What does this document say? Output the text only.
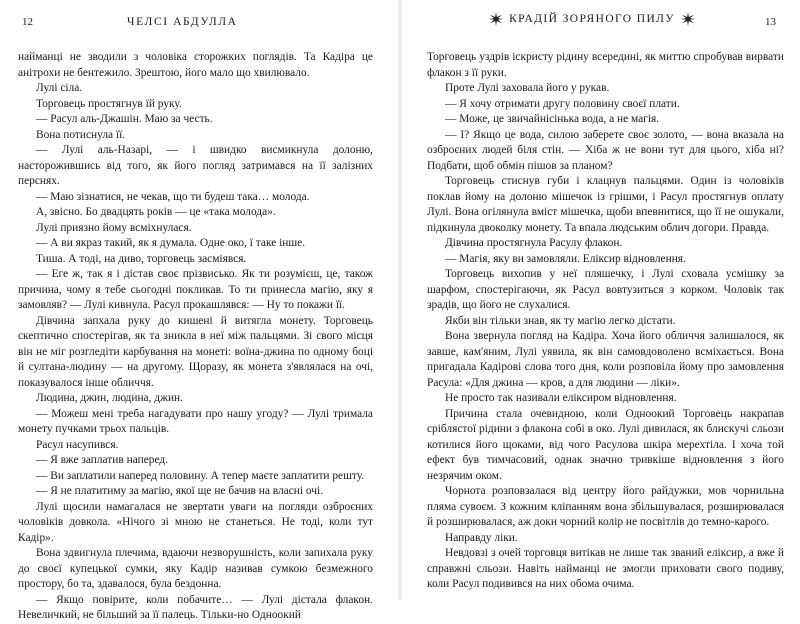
12	ЧЕЛСІ АБДУЛЛА

найманці не зводили з чоловіка сторожких поглядів. Та Кадіра це анітрохи не бентежило. Зрештою, його мало що хвилювало.

Лулі сіла.

Торговець простягнув їй руку.

— Расул аль-Джашін. Маю за честь.

Вона потиснула її.

— Лулі аль-Назарі, — і швидко висмикнула долоню, насторожившись від того, як його погляд затримався на її залізних перснях.

— Маю зізнатися, не чекав, що ти будеш така… молода.

А, звісно. Бо двадцять років — це «така молода».

Лулі приязно йому всміхнулася.

— А ви якраз такий, як я думала. Одне око, ї таке інше.

Тиша. А тоді, на диво, торговець засміявся.

— Еге ж, так я і дістав своє прізвисько. Як ти розумієш, це, також причина, чому я тебе сьогодні покликав. То ти принесла магію, яку я замовляв? — Лулі кивнула. Расул прокашлявся: — Ну то покажи її.

Дівчина запхала руку до кишені й витягла монету. Торговець скептично спостерігав, як та зникла в неї між пальцями. Зі свого місця він не міг розгледіти карбування на монеті: воїна-джина по одному боці й султана-людину — на другому. Щоразу, як монета з'являлася на очі, показувалося інше обличчя.

Людина, джин, людина, джин.

— Можеш мені треба нагадувати про нашу угоду? — Лулі тримала монету пучками трьох пальців.

Расул насупився.

— Я вже заплатив наперед.

— Ви заплатили наперед половину. А тепер маєте заплатити решту.

— Я не платитиму за магію, якої ще не бачив на власні очі.

Лулі щосили намагалася не звертати уваги на погляди озброєних чоловіків довкола. «Нічого зі мною не станеться. Не тоді, коли тут Кадір».

Вона здвигнула плечима, вдаючи незворушність, коли запихала руку до своєї купецької сумки, яку Кадір називав сумкою безмежного простору, бо та, здавалося, була бездонна.

— Якщо повірите, коли побачите… — Лулі дістала флакон. Невеличкий, не більший за її палець. Тільки-но Одноокий

КРАДІЙ ЗОРЯНОГО ПИЛУ	13

Торговець уздрів іскристу рідину всередині, як миттю спробував вирвати флакон з її руки.

Проте Лулі заховала його у рукав.

— Я хочу отримати другу половину своєї плати.

— Може, це звичайнісінька вода, а не магія.

— І? Якщо це вода, силою заберете своє золото, — вона вказала на озброєних людей біля стін. — Хіба ж не вони тут для цього, хіба ні? Подбати, щоб обмін пішов за планом?

Торговець стиснув губи і клацнув пальцями. Один із чоловіків поклав йому на долоню мішечок із грішми, і Расул простягнув оплату Лулі. Вона огілянула вміст мішечка, щоби впевнитися, що її не ошукали, підкинула двоколку монету. Та впала людським облич догори. Правда.

Дівчина простягнула Расулу флакон.

— Магія, яку ви замовляли. Еліксир відновлення.

Торговець вихопив у неї пляшечку, і Лулі сховала усмішку за шарфом, спостерігаючи, як Расул вовтузиться з корком. Чоловік так зрадів, що його не слухалися.

Якби він тільки знав, як ту магію легко дістати.

Вона звернула погляд на Кадіра. Хоча його обличчя залишалося, як завше, кам'яним, Лулі уявила, як він самовдоволено всміхається. Вона пригадала Кадірові слова того дня, коли розповіла йому про замовлення Расула: «Для джина — кров, а для людини — ліки».

Не просто так називали еліксиром відновлення.

Причина стала очевидною, коли Одноокий Торговець накрапав сріблястої рідини з флакона собі в око. Лулі дивилася, як блискучі сльози котилися його щоками, від чого Расулова шкіра мерехтіла. І хоча той ефект був тимчасовий, однак значно тривкіше відновлення з його незрячим оком.

Чорнота розповзалася від центру його райдужки, мов чорнильна пляма сувоєм. З кожним кліпанням вона збільшувалася, розширювалася й розширювалася, аж доки чорний колір не посвітлів до темно-карого.

Направду ліки.

Невдовзі з очей торговця витікав не лише так званий еліксир, а вже й справжні сльози. Навіть найманці не змогли приховати свого подиву, коли Расул подивився на них обома очима.
